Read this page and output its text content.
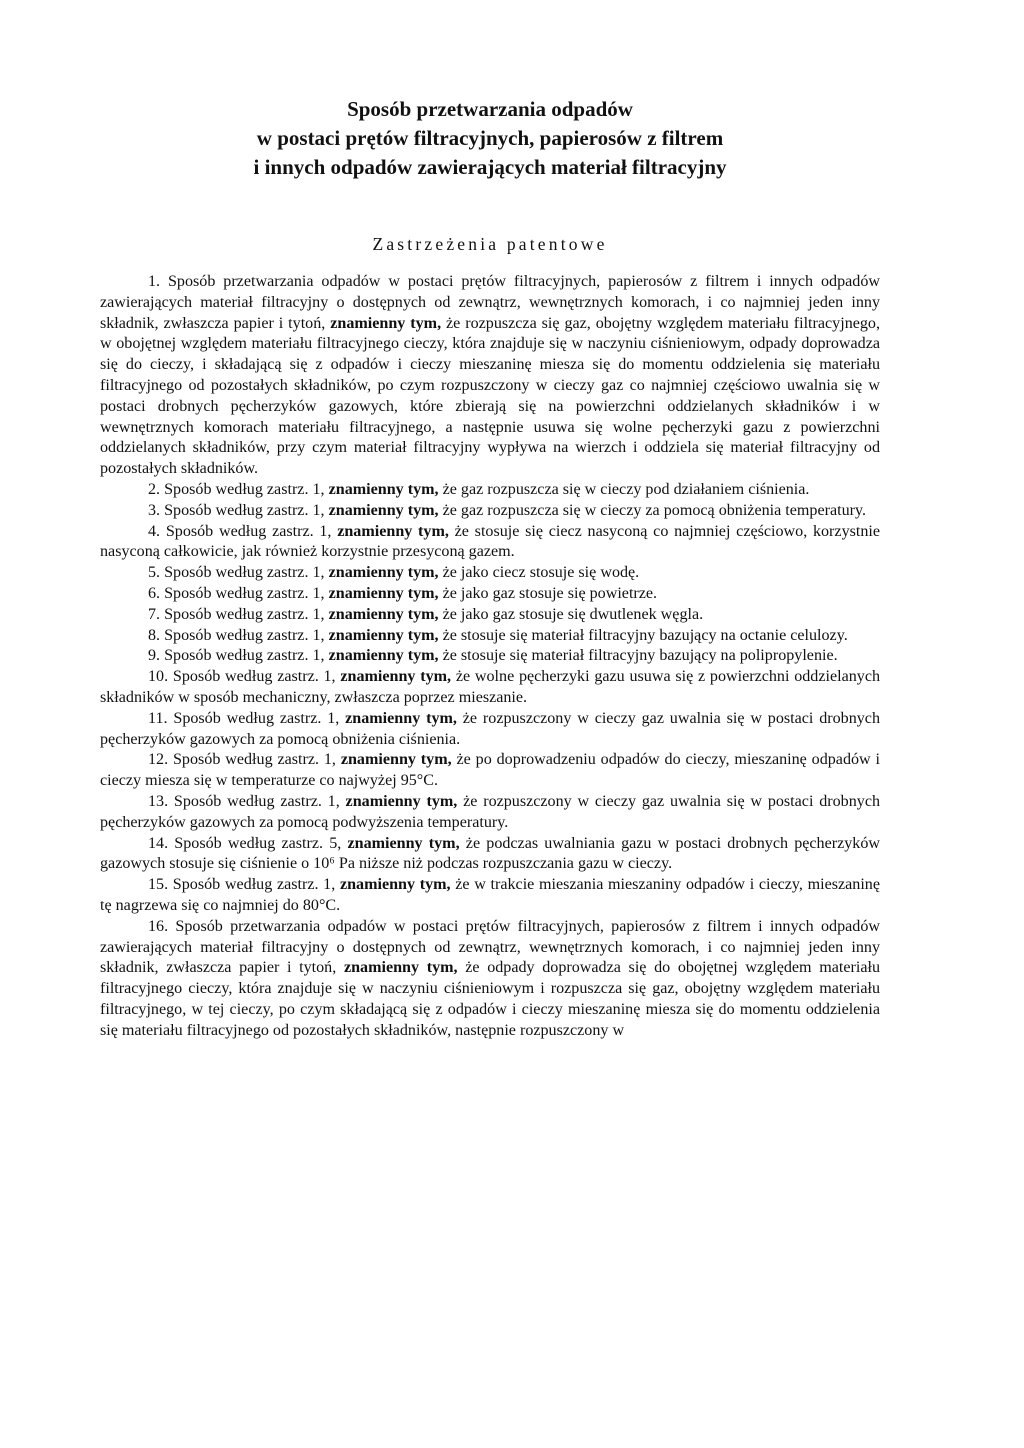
Sposób przetwarzania odpadów
w postaci prętów filtracyjnych, papierosów z filtrem
i innych odpadów zawierających materiał filtracyjny
Zastrzeżenia patentowe

1. Sposób przetwarzania odpadów w postaci prętów filtracyjnych, papierosów z filtrem i innych odpadów zawierających materiał filtracyjny o dostępnych od zewnątrz, wewnętrznych komorach, i co najmniej jeden inny składnik, zwłaszcza papier i tytoń, znamienny tym, że rozpuszcza się gaz, obojętny względem materiału filtracyjnego, w obojętnej względem materiału filtracyjnego cieczy, która znajduje się w naczyniu ciśnieniowym, odpady doprowadza się do cieczy, i składającą się z odpadów i cieczy mieszaninę miesza się do momentu oddzielenia się materiału filtracyjnego od pozostałych składników, po czym rozpuszczony w cieczy gaz co najmniej częściowo uwalnia się w postaci drobnych pęcherzyków gazowych, które zbierają się na powierzchni oddzielanych składników i w wewnętrznych komorach materiału filtracyjnego, a następnie usuwa się wolne pęcherzyki gazu z powierzchni oddzielanych składników, przy czym materiał filtracyjny wypływa na wierzch i oddziela się materiał filtracyjny od pozostałych składników.

2. Sposób według zastrz. 1, znamienny tym, że gaz rozpuszcza się w cieczy pod działaniem ciśnienia.

3. Sposób według zastrz. 1, znamienny tym, że gaz rozpuszcza się w cieczy za pomocą obniżenia temperatury.

4. Sposób według zastrz. 1, znamienny tym, że stosuje się ciecz nasyconą co najmniej częściowo, korzystnie nasyconą całkowicie, jak również korzystnie przesyconą gazem.

5. Sposób według zastrz. 1, znamienny tym, że jako ciecz stosuje się wodę.

6. Sposób według zastrz. 1, znamienny tym, że jako gaz stosuje się powietrze.

7. Sposób według zastrz. 1, znamienny tym, że jako gaz stosuje się dwutlenek węgla.

8. Sposób według zastrz. 1, znamienny tym, że stosuje się materiał filtracyjny bazujący na octanie celulozy.

9. Sposób według zastrz. 1, znamienny tym, że stosuje się materiał filtracyjny bazujący na polipropylenie.

10. Sposób według zastrz. 1, znamienny tym, że wolne pęcherzyki gazu usuwa się z powierzchni oddzielanych składników w sposób mechaniczny, zwłaszcza poprzez mieszanie.

11. Sposób według zastrz. 1, znamienny tym, że rozpuszczony w cieczy gaz uwalnia się w postaci drobnych pęcherzyków gazowych za pomocą obniżenia ciśnienia.

12. Sposób według zastrz. 1, znamienny tym, że po doprowadzeniu odpadów do cieczy, mieszaninę odpadów i cieczy miesza się w temperaturze co najwyżej 95°C.

13. Sposób według zastrz. 1, znamienny tym, że rozpuszczony w cieczy gaz uwalnia się w postaci drobnych pęcherzyków gazowych za pomocą podwyższenia temperatury.

14. Sposób według zastrz. 5, znamienny tym, że podczas uwalniania gazu w postaci drobnych pęcherzyków gazowych stosuje się ciśnienie o 10⁶ Pa niższe niż podczas rozpuszczania gazu w cieczy.

15. Sposób według zastrz. 1, znamienny tym, że w trakcie mieszania mieszaniny odpadów i cieczy, mieszaninę tę nagrzewa się co najmniej do 80°C.

16. Sposób przetwarzania odpadów w postaci prętów filtracyjnych, papierosów z filtrem i innych odpadów zawierających materiał filtracyjny o dostępnych od zewnątrz, wewnętrznych komorach, i co najmniej jeden inny składnik, zwłaszcza papier i tytoń, znamienny tym, że odpady doprowadza się do obojętnej względem materiału filtracyjnego cieczy, która znajduje się w naczyniu ciśnieniowym i rozpuszcza się gaz, obojętny względem materiału filtracyjnego, w tej cieczy, po czym składającą się z odpadów i cieczy mieszaninę miesza się do momentu oddzielenia się materiału filtracyjnego od pozostałych składników, następnie rozpuszczony w
